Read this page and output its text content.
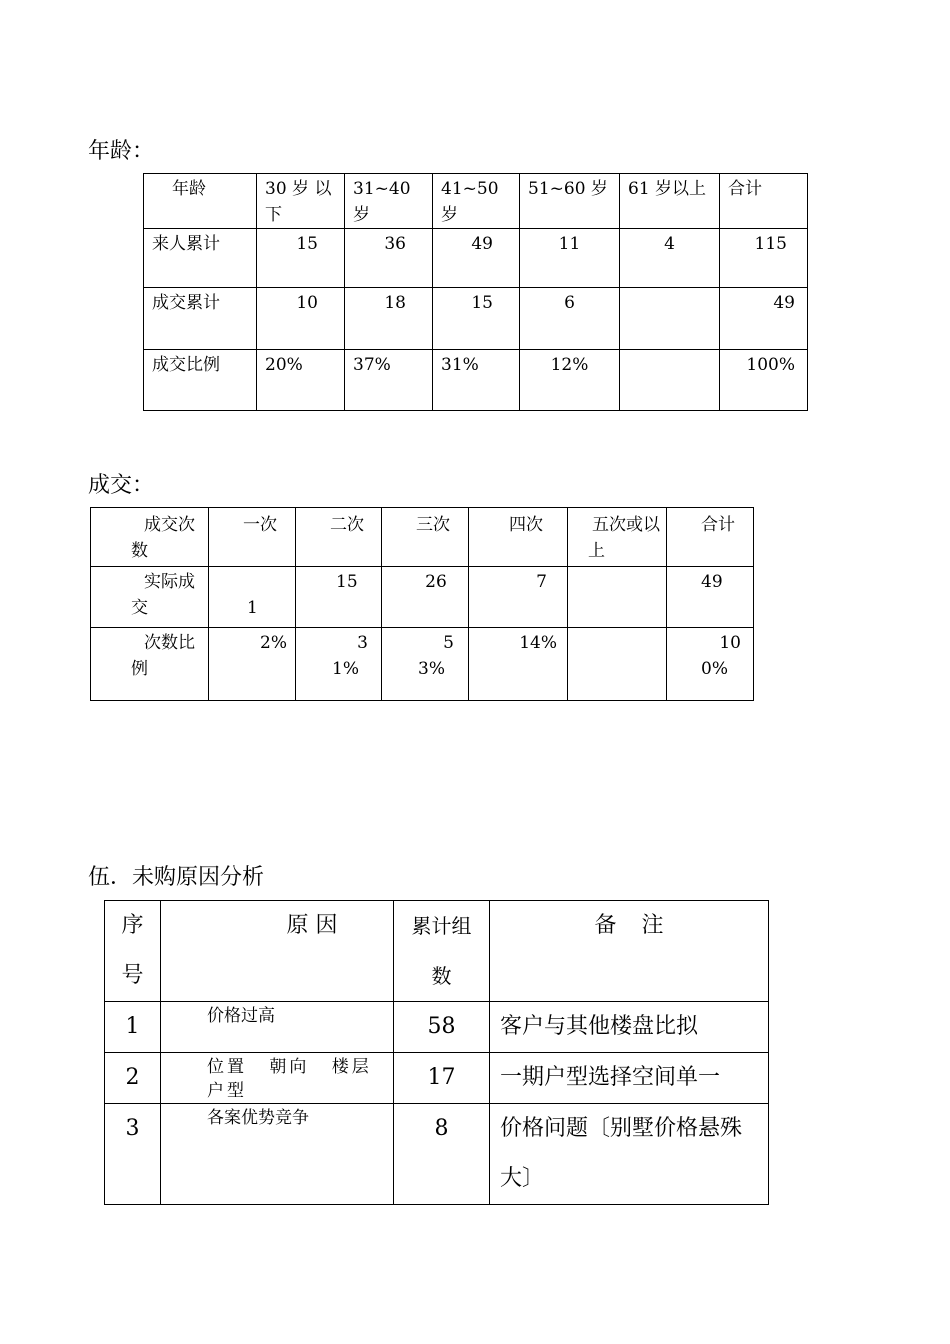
年龄：
年龄	30 岁 以下	31~40岁	41~50岁	51~60 岁	61 岁以上	合计
来人累计	15	36	49	11	4	115
成交累计	10	18	15	6		49
成交比例	20%	37%	31%	12%		100%
成交：
成交次数	一次	二次	三次	四次	五次或以上	合计

实际成交	1	15	26	7		49

次数比例	2%	31%	53%	14%		100%
伍．未购原因分析
序号	原 因	累计组数	备 注
1	价格过高	58	客户与其他楼盘比拟
2	位置 朝向 楼层户型	17	一期户型选择空间单一
3	各案优势竞争	8	价格问题〔别墅价格悬殊大〕
